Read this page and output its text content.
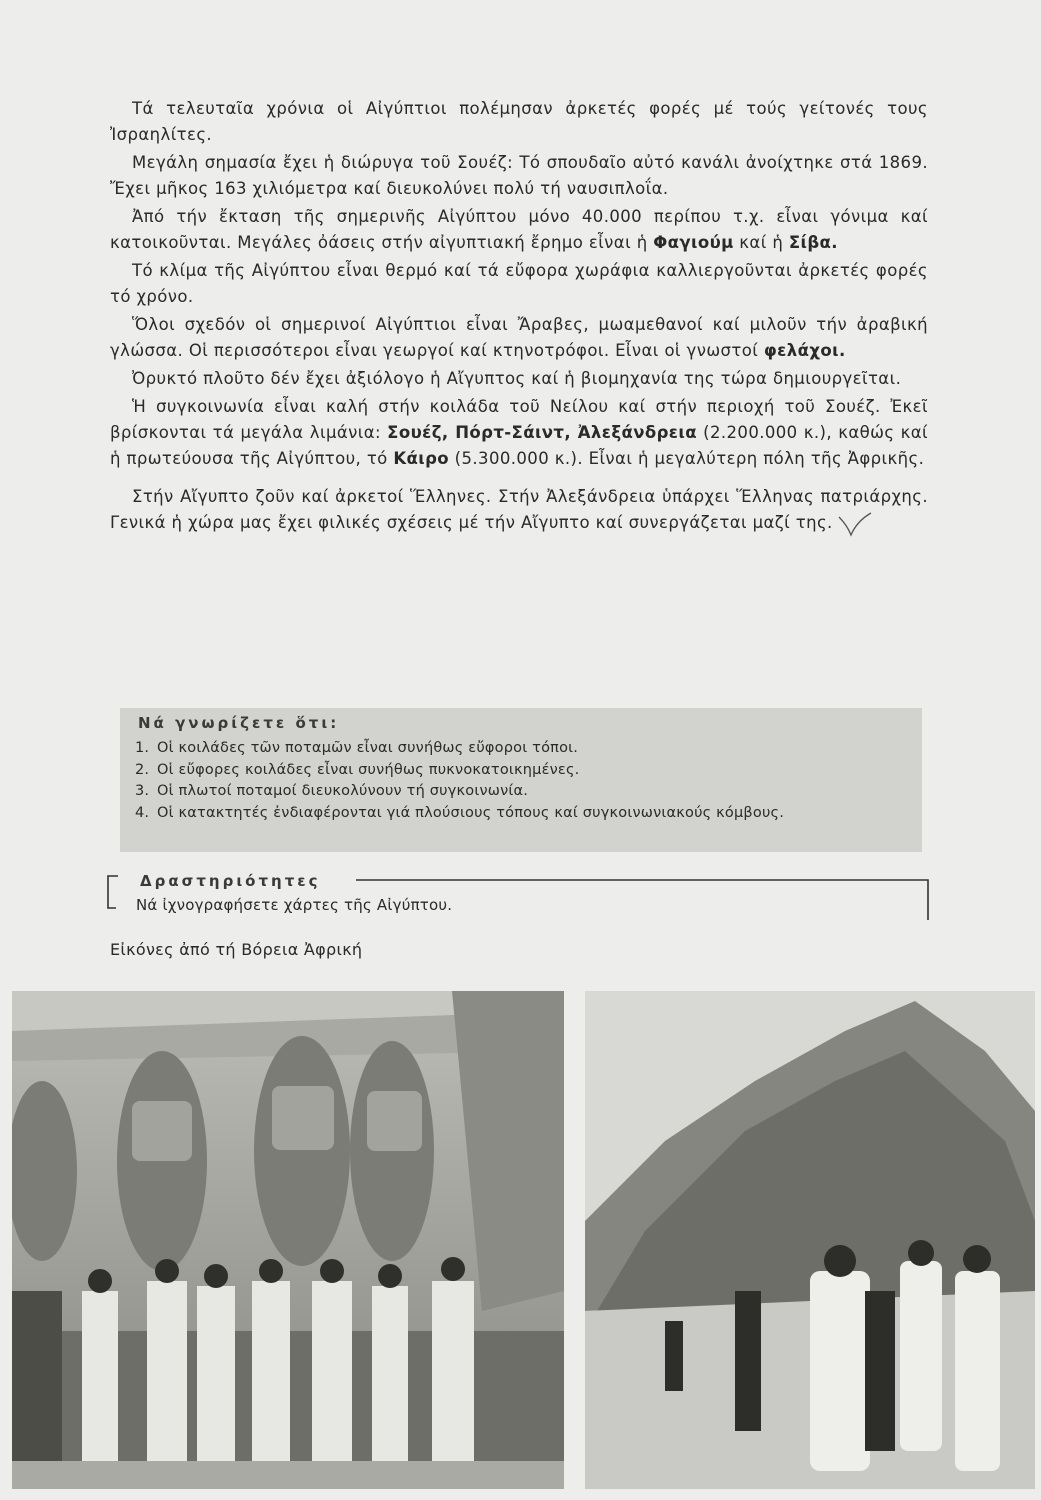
Τά τελευταῖα χρόνια οἱ Αἰγύπτιοι πολέμησαν ἀρκετές φορές μέ τούς γείτονές τους Ἰσραηλίτες.

Μεγάλη σημασία ἔχει ἡ διώρυγα τοῦ Σουέζ: Τό σπουδαῖο αὐτό κανάλι ἀνοίχτηκε στά 1869. Ἔχει μῆκος 163 χιλιόμετρα καί διευκολύνει πολύ τή ναυσιπλοΐα.

Ἀπό τήν ἔκταση τῆς σημερινῆς Αἰγύπτου μόνο 40.000 περίπου τ.χ. εἶναι γόνιμα καί κατοικοῦνται. Μεγάλες ὀάσεις στήν αἰγυπτιακή ἔρημο εἶναι ἡ Φαγιούμ καί ἡ Σίβα.

Τό κλίμα τῆς Αἰγύπτου εἶναι θερμό καί τά εὔφορα χωράφια καλλιεργοῦνται ἀρκετές φορές τό χρόνο.

Ὅλοι σχεδόν οἱ σημερινοί Αἰγύπτιοι εἶναι Ἄραβες, μωαμεθανοί καί μιλοῦν τήν ἀραβική γλώσσα. Οἱ περισσότεροι εἶναι γεωργοί καί κτηνοτρόφοι. Εἶναι οἱ γνωστοί φελάχοι.

Ὀρυκτό πλοῦτο δέν ἔχει ἀξιόλογο ἡ Αἴγυπτος καί ἡ βιομηχανία της τώρα δημιουργεῖται.

Ἡ συγκοινωνία εἶναι καλή στήν κοιλάδα τοῦ Νείλου καί στήν περιοχή τοῦ Σουέζ. Ἐκεῖ βρίσκονται τά μεγάλα λιμάνια: Σουέζ, Πόρτ-Σάιντ, Ἀλεξάνδρεια (2.200.000 κ.), καθώς καί ἡ πρωτεύουσα τῆς Αἰγύπτου, τό Κάιρο (5.300.000 κ.). Εἶναι ἡ μεγαλύτερη πόλη τῆς Ἀφρικῆς.

Στήν Αἴγυπτο ζοῦν καί ἀρκετοί Ἕλληνες. Στήν Ἀλεξάνδρεια ὑπάρχει Ἕλληνας πατριάρχης. Γενικά ἡ χώρα μας ἔχει φιλικές σχέσεις μέ τήν Αἴγυπτο καί συνεργάζεται μαζί της.

Νά γνωρίζετε ὅτι:
1. Οἱ κοιλάδες τῶν ποταμῶν εἶναι συνήθως εὔφοροι τόποι.
2. Οἱ εὔφορες κοιλάδες εἶναι συνήθως πυκνοκατοικημένες.
3. Οἱ πλωτοί ποταμοί διευκολύνουν τή συγκοινωνία.
4. Οἱ κατακτητές ἐνδιαφέρονται γιά πλούσιους τόπους καί συγκοινωνιακούς κόμβους.
Δραστηριότητες
Νά ἰχνογραφήσετε χάρτες τῆς Αἰγύπτου.
Εἰκόνες ἀπό τή Βόρεια Ἀφρική
